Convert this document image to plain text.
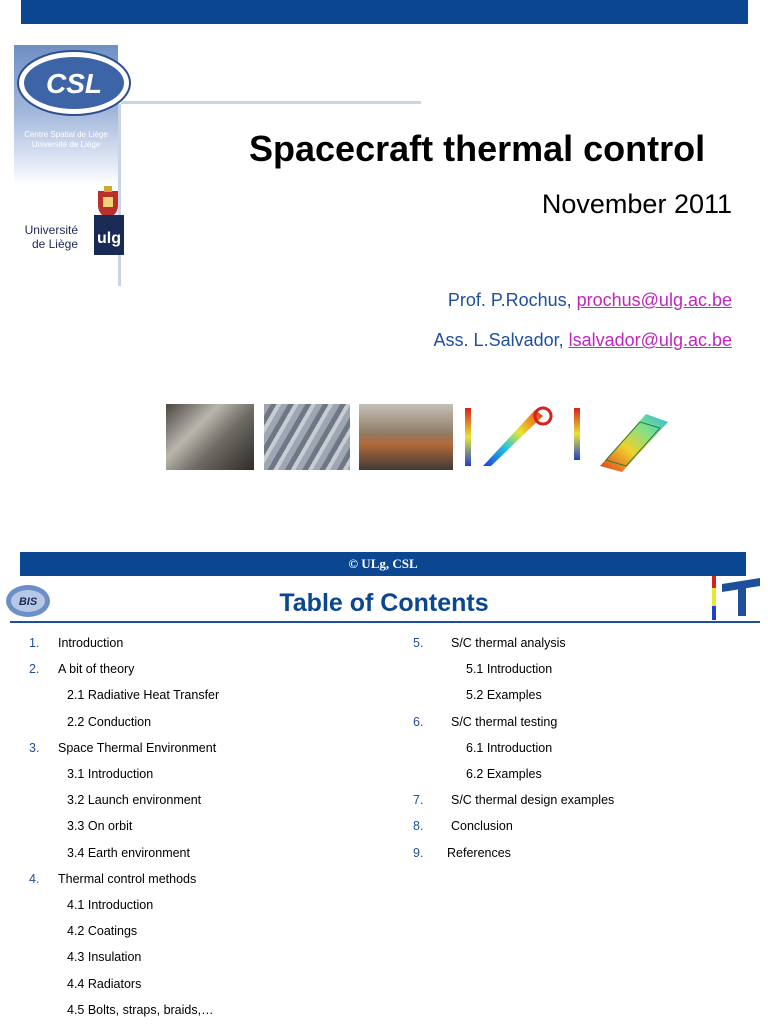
CSL
Centre Spatial de Liège
Université de Liège
Université
de Liège ulg
Spacecraft thermal control
November 2011
Prof. P.Rochus, prochus@ulg.ac.be
Ass. L.Salvador, lsalvador@ulg.ac.be
© ULg, CSL
BIS	Table of Contents
1. Introduction
2. A bit of theory
2.1 Radiative Heat Transfer
2.2 Conduction
3. Space Thermal Environment
3.1 Introduction
3.2 Launch environment
3.3 On orbit
3.4 Earth environment
4. Thermal control methods
4.1 Introduction
4.2 Coatings
4.3 Insulation
4.4 Radiators
4.5 Bolts, straps, braids,…
5. S/C thermal analysis
5.1 Introduction
5.2 Examples
6. S/C thermal testing
6.1 Introduction
6.2 Examples
7. S/C thermal design examples
8. Conclusion
9. References
